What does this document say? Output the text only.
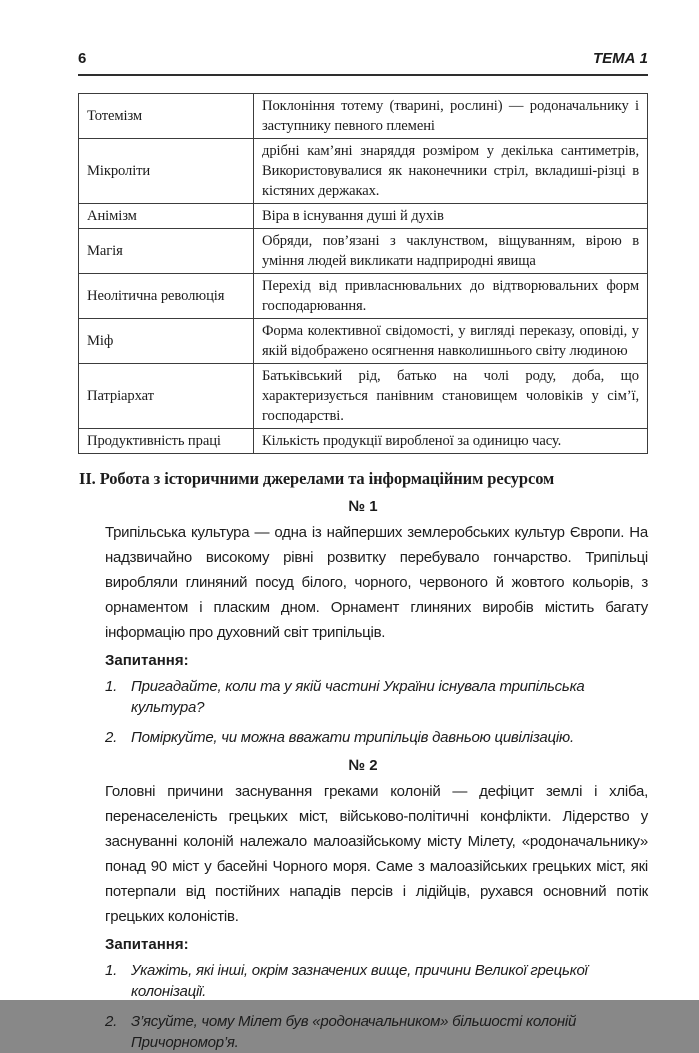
6	ТЕМА 1
Тотемізм	Поклоніння тотему (тварині, рослині) — родоначальнику і заступнику певного племені
Мікроліти	дрібні кам’яні знаряддя розміром у декілька сантиметрів, Використовувалися як наконечники стріл, вкладиші-різці в кістяних держаках.
Анімізм	Віра в існування душі й духів
Магія	Обряди, пов’язані з чаклунством, віщуванням, вірою в уміння людей викликати надприродні явища
Неолітична революція	Перехід від привласнювальних до відтворювальних форм господарювання.
Міф	Форма колективної свідомості, у вигляді переказу, оповіді, у якій відображено осягнення навколишнього світу людиною
Патріархат	Батьківський рід, батько на чолі роду, доба, що характеризується панівним становищем чоловіків у сім’ї, господарстві.
Продуктивність праці	Кількість продукції виробленої за одиницю часу.
ІІ. Робота з історичними джерелами та інформаційним ресурсом
№ 1
Трипільська культура — одна із найперших землеробських культур Європи. На надзвичайно високому рівні розвитку перебувало гончарство. Трипільці виробляли глиняний посуд білого, чорного, червоного й жовтого кольорів, з орнаментом і пласким дном. Орнамент глиняних виробів містить багату інформацію про духовний світ трипільців.
Запитання:
1. Пригадайте, коли та у якій частині України існувала трипільська культура?
2. Поміркуйте, чи можна вважати трипільців давньою цивілізацію.
№ 2
Головні причини заснування греками колоній — дефіцит землі і хліба, перенаселеність грецьких міст, військово-політичні конфлікти. Лідерство у заснуванні колоній належало малоазійському місту Мілету, «родоначальнику» понад 90 міст у басейні Чорного моря. Саме з малоазійських грецьких міст, які потерпали від постійних нападів персів і лідійців, рухався основний потік грецьких колоністів.
Запитання:
1. Укажіть, які інші, окрім зазначених вище, причини Великої грецької колонізації.
2. З’ясуйте, чому Мілет був «родоначальником» більшості колоній Причорномор’я.
